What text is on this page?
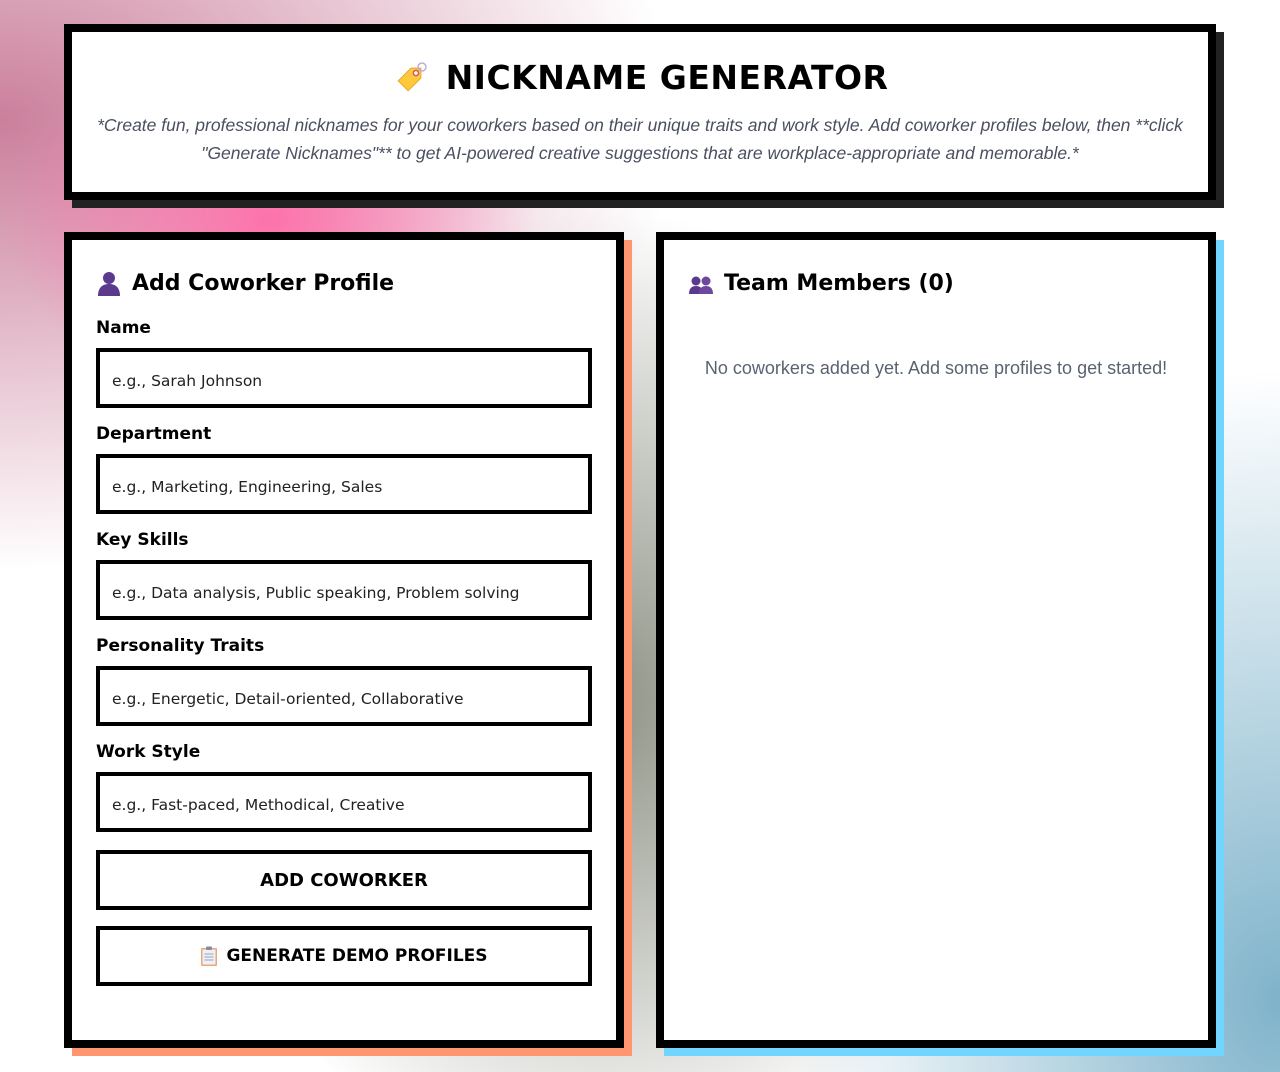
NICKNAME GENERATOR

*Create fun, professional nicknames for your coworkers based on their unique traits and work style. Add coworker profiles below, then **click "Generate Nicknames"** to get AI-powered creative suggestions that are workplace-appropriate and memorable.*

Add Coworker Profile
Name
e.g., Sarah Johnson
Department
e.g., Marketing, Engineering, Sales
Key Skills
e.g., Data analysis, Public speaking, Problem solving
Personality Traits
e.g., Energetic, Detail-oriented, Collaborative
Work Style
e.g., Fast-paced, Methodical, Creative
ADD COWORKER
GENERATE DEMO PROFILES
Team Members (0)

No coworkers added yet. Add some profiles to get started!
